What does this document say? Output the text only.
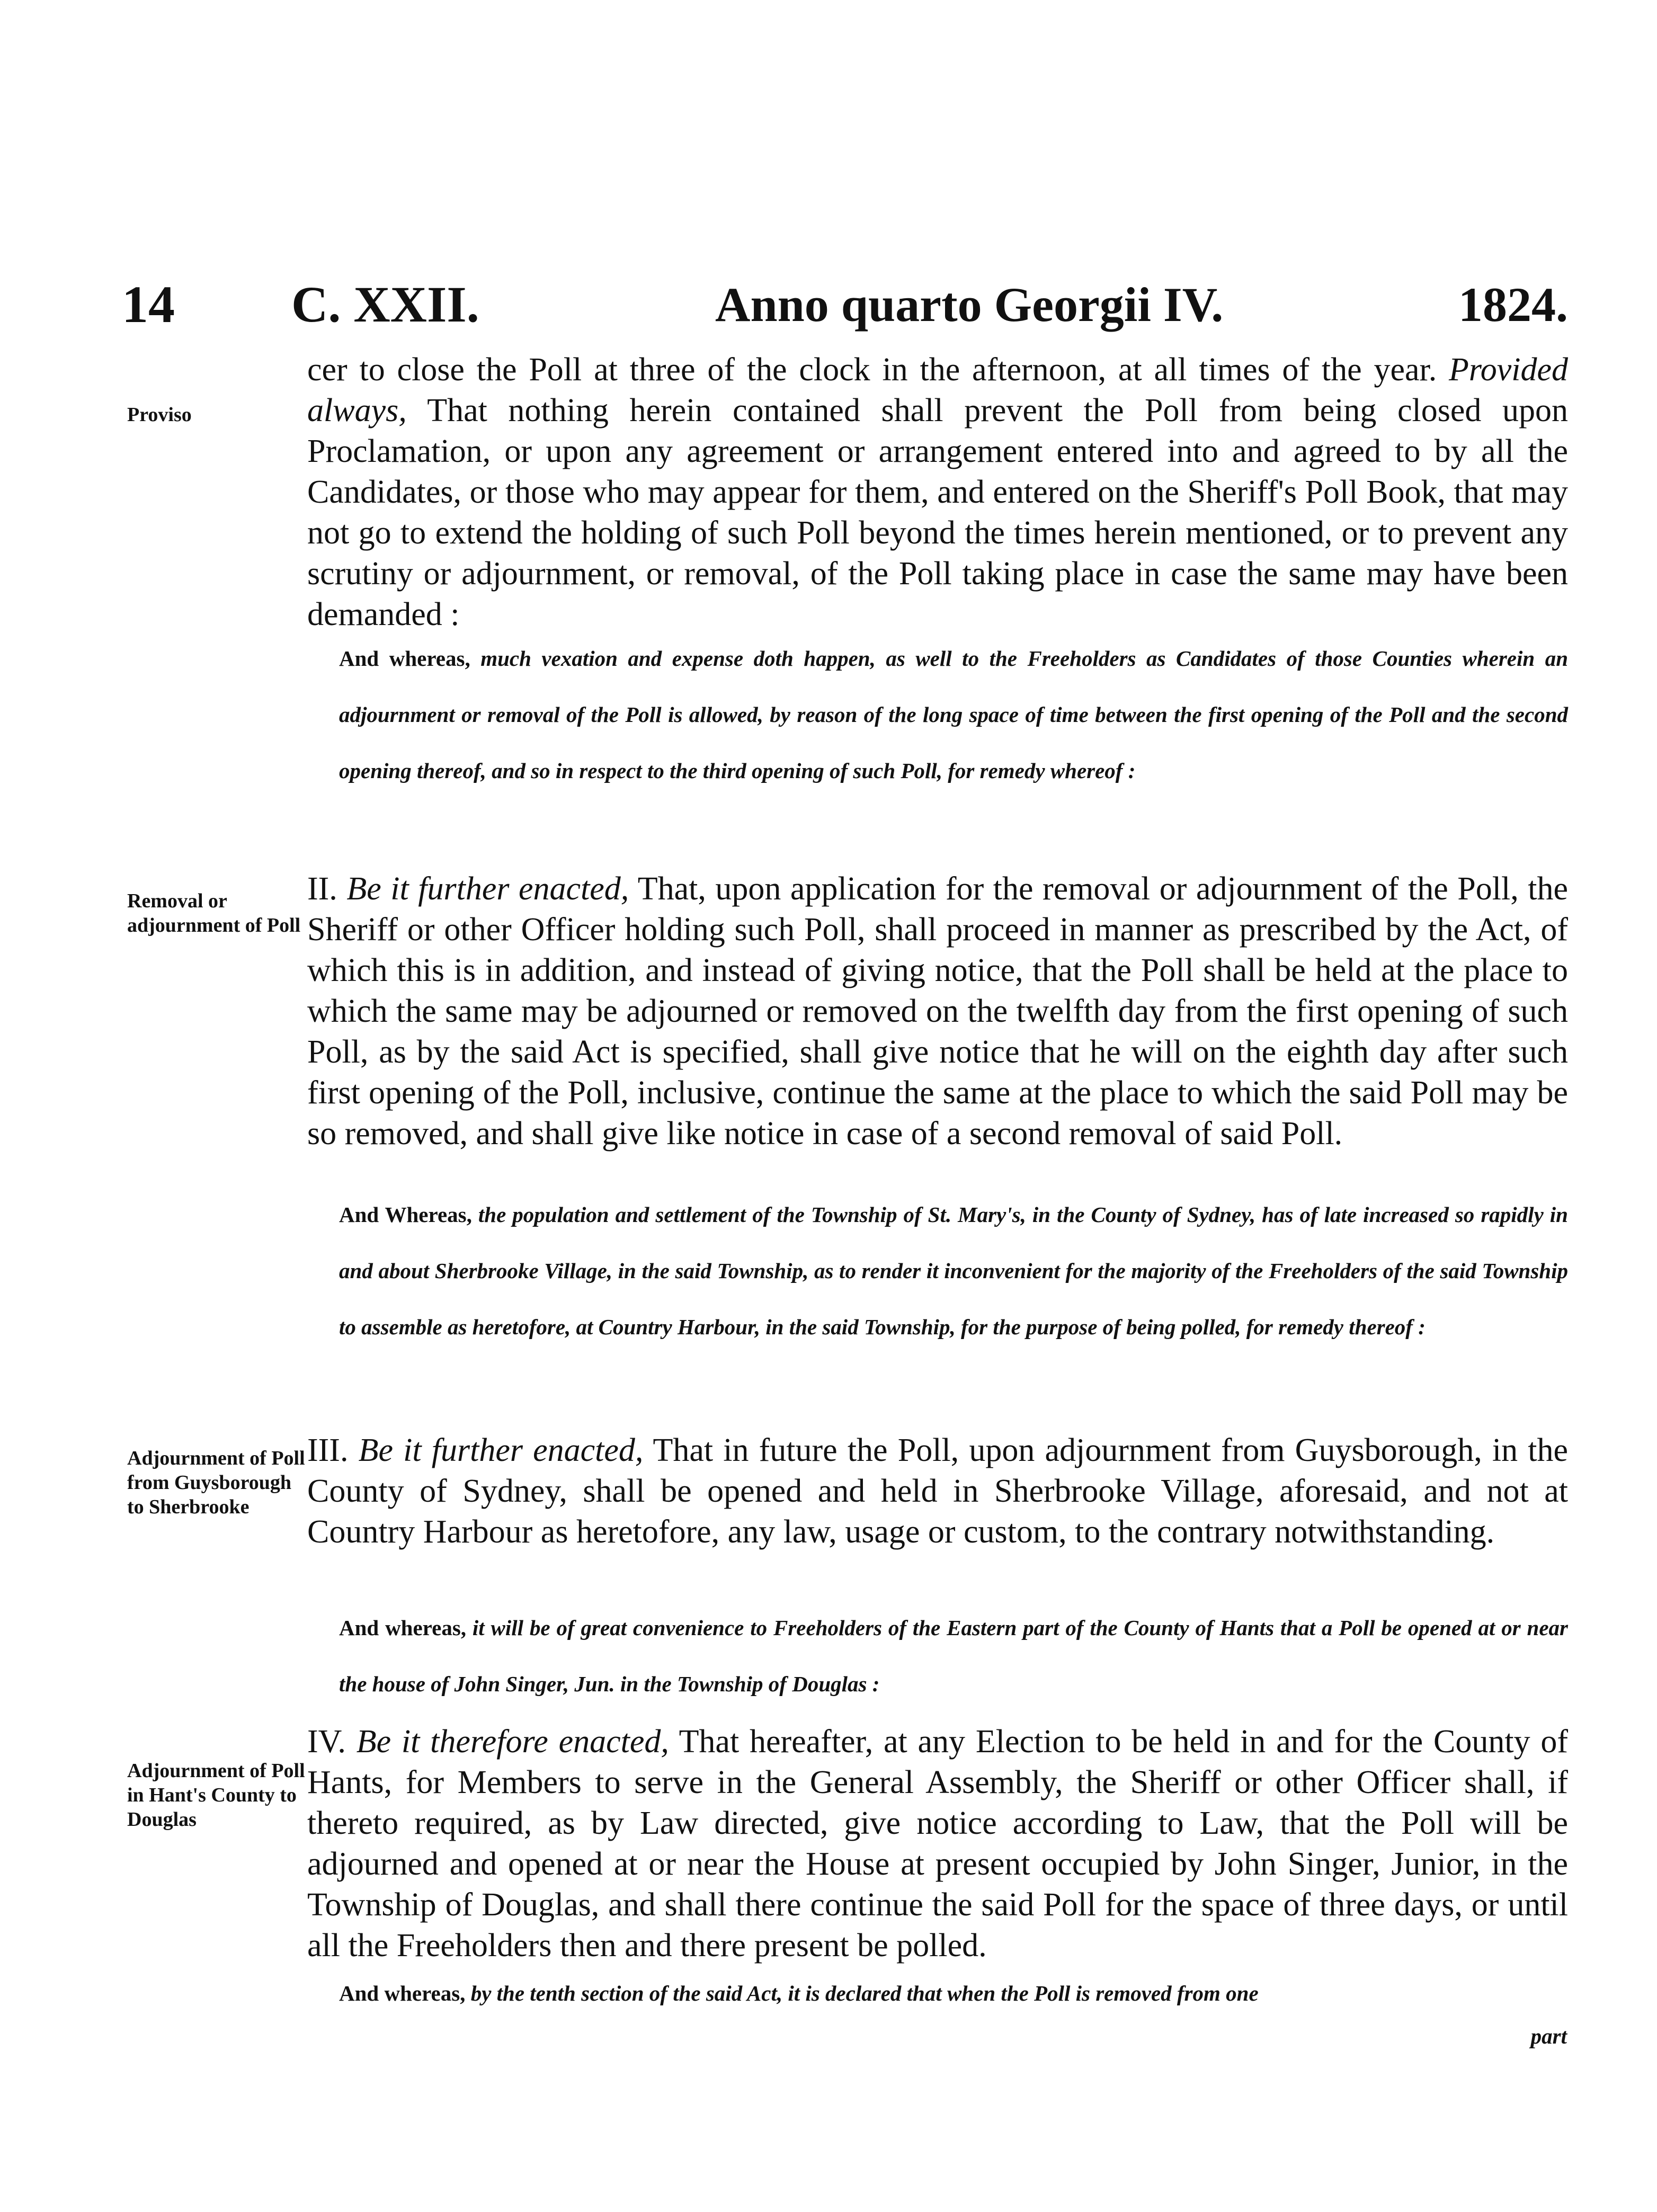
14 C. XXII.	Anno quarto Georgii IV.	1824.
Proviso
cer to close the Poll at three of the clock in the afternoon, at all times of the year. Provided always, That nothing herein contained shall prevent the Poll from being closed upon Proclamation, or upon any agreement or arrangement entered into and agreed to by all the Candidates, or those who may appear for them, and entered on the Sheriff's Poll Book, that may not go to extend the holding of such Poll beyond the times herein mentioned, or to prevent any scrutiny or adjournment, or removal, of the Poll taking place in case the same may have been demanded :
And whereas, much vexation and expense doth happen, as well to the Freeholders as Candidates of those Counties wherein an adjournment or removal of the Poll is allowed, by reason of the long space of time between the first opening of the Poll and the second opening thereof, and so in respect to the third opening of such Poll, for remedy whereof :
Removal or adjournment of Poll
II. Be it further enacted, That, upon application for the removal or adjournment of the Poll, the Sheriff or other Officer holding such Poll, shall proceed in manner as prescribed by the Act, of which this is in addition, and instead of giving notice, that the Poll shall be held at the place to which the same may be adjourned or removed on the twelfth day from the first opening of such Poll, as by the said Act is specified, shall give notice that he will on the eighth day after such first opening of the Poll, inclusive, continue the same at the place to which the said Poll may be so removed, and shall give like notice in case of a second removal of said Poll.
And Whereas, the population and settlement of the Township of St. Mary's, in the County of Sydney, has of late increased so rapidly in and about Sherbrooke Village, in the said Township, as to render it inconvenient for the majority of the Freeholders of the said Township to assemble as heretofore, at Country Harbour, in the said Township, for the purpose of being polled, for remedy thereof :
Adjournment of Poll from Guysborough to Sherbrooke
III. Be it further enacted, That in future the Poll, upon adjournment from Guysborough, in the County of Sydney, shall be opened and held in Sherbrooke Village, aforesaid, and not at Country Harbour as heretofore, any law, usage or custom, to the contrary notwithstanding.
And whereas, it will be of great convenience to Freeholders of the Eastern part of the County of Hants that a Poll be opened at or near the house of John Singer, Jun. in the Township of Douglas :
Adjournment of Poll in Hant's County to Douglas
IV. Be it therefore enacted, That hereafter, at any Election to be held in and for the County of Hants, for Members to serve in the General Assembly, the Sheriff or other Officer shall, if thereto required, as by Law directed, give notice according to Law, that the Poll will be adjourned and opened at or near the House at present occupied by John Singer, Junior, in the Township of Douglas, and shall there continue the said Poll for the space of three days, or until all the Freeholders then and there present be polled.
And whereas, by the tenth section of the said Act, it is declared that when the Poll is removed from one
part
